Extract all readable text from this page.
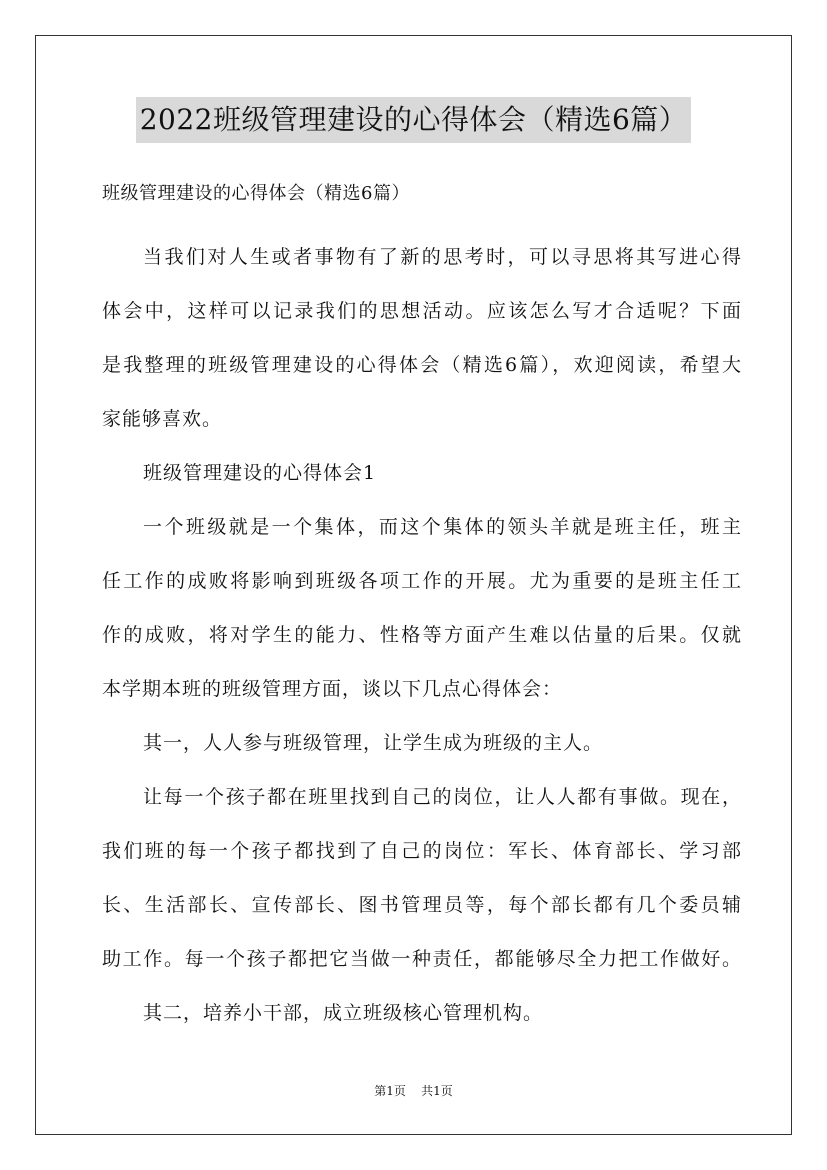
2022班级管理建设的心得体会（精选6篇）
班级管理建设的心得体会（精选6篇）
当我们对人生或者事物有了新的思考时，可以寻思将其写进心得
体会中，这样可以记录我们的思想活动。应该怎么写才合适呢？下面
是我整理的班级管理建设的心得体会（精选6篇），欢迎阅读，希望大
家能够喜欢。
班级管理建设的心得体会1
一个班级就是一个集体，而这个集体的领头羊就是班主任，班主
任工作的成败将影响到班级各项工作的开展。尤为重要的是班主任工
作的成败，将对学生的能力、性格等方面产生难以估量的后果。仅就
本学期本班的班级管理方面，谈以下几点心得体会：
其一，人人参与班级管理，让学生成为班级的主人。
让每一个孩子都在班里找到自己的岗位，让人人都有事做。现在，
我们班的每一个孩子都找到了自己的岗位：军长、体育部长、学习部
长、生活部长、宣传部长、图书管理员等，每个部长都有几个委员辅
助工作。每一个孩子都把它当做一种责任，都能够尽全力把工作做好。
其二，培养小干部，成立班级核心管理机构。
第1页 共1页
